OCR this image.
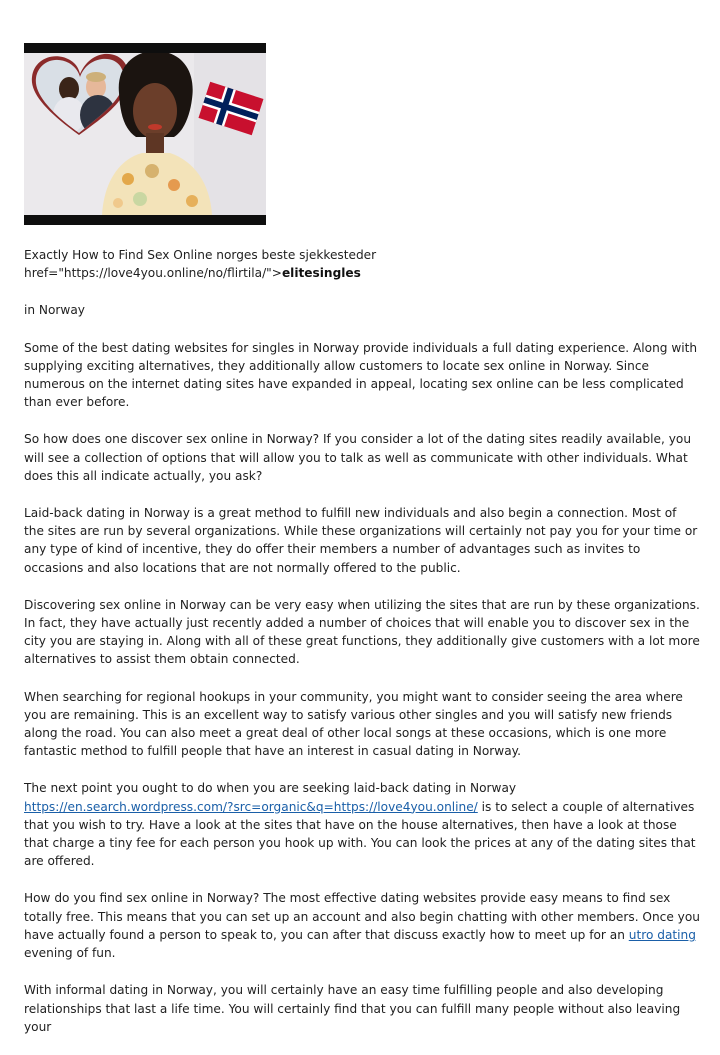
Exactly How to Find Sex Online norges beste sjekkesteder href="https://love4you.online/no/flirtila/">elitesingles

in Norway

Some of the best dating websites for singles in Norway provide individuals a full dating experience. Along with supplying exciting alternatives, they additionally allow customers to locate sex online in Norway. Since numerous on the internet dating sites have expanded in appeal, locating sex online can be less complicated than ever before.

So how does one discover sex online in Norway? If you consider a lot of the dating sites readily available, you will see a collection of options that will allow you to talk as well as communicate with other individuals. What does this all indicate actually, you ask?

Laid-back dating in Norway is a great method to fulfill new individuals and also begin a connection. Most of the sites are run by several organizations. While these organizations will certainly not pay you for your time or any type of kind of incentive, they do offer their members a number of advantages such as invites to occasions and also locations that are not normally offered to the public.

Discovering sex online in Norway can be very easy when utilizing the sites that are run by these organizations. In fact, they have actually just recently added a number of choices that will enable you to discover sex in the city you are staying in. Along with all of these great functions, they additionally give customers with a lot more alternatives to assist them obtain connected.

When searching for regional hookups in your community, you might want to consider seeing the area where you are remaining. This is an excellent way to satisfy various other singles and you will satisfy new friends along the road. You can also meet a great deal of other local songs at these occasions, which is one more fantastic method to fulfill people that have an interest in casual dating in Norway.

The next point you ought to do when you are seeking laid-back dating in Norway https://en.search.wordpress.com/?src=organic&q=https://love4you.online/ is to select a couple of alternatives that you wish to try. Have a look at the sites that have on the house alternatives, then have a look at those that charge a tiny fee for each person you hook up with. You can look the prices at any of the dating sites that are offered.

How do you find sex online in Norway? The most effective dating websites provide easy means to find sex totally free. This means that you can set up an account and also begin chatting with other members. Once you have actually found a person to speak to, you can after that discuss exactly how to meet up for an utro dating evening of fun.

With informal dating in Norway, you will certainly have an easy time fulfilling people and also developing relationships that last a life time. You will certainly find that you can fulfill many people without also leaving your
